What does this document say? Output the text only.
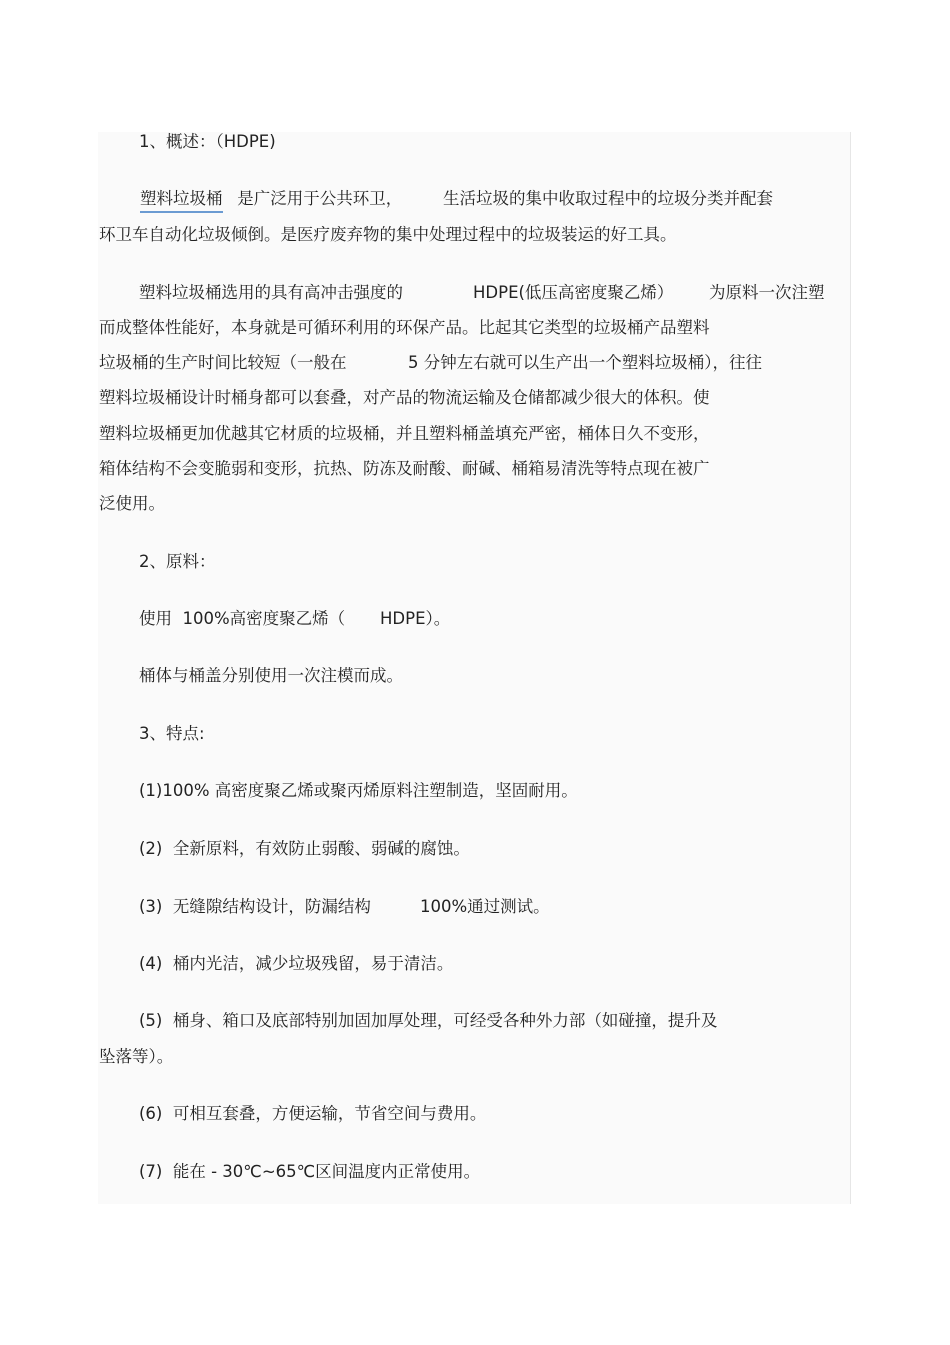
1、概述：（HDPE)
塑料垃圾桶 是广泛用于公共环卫， 生活垃圾的集中收取过程中的垃圾分类并配套
环卫车自动化垃圾倾倒。是医疗废弃物的集中处理过程中的垃圾装运的好工具。
塑料垃圾桶选用的具有高冲击强度的	HDPE(低压高密度聚乙烯） 为原料一次注塑
而成整体性能好，本身就是可循环利用的环保产品。比起其它类型的垃圾桶产品塑料
垃圾桶的生产时间比较短（一般在	5 分钟左右就可以生产出一个塑料垃圾桶），往往
塑料垃圾桶设计时桶身都可以套叠，对产品的物流运输及仓储都减少很大的体积。使
塑料垃圾桶更加优越其它材质的垃圾桶，并且塑料桶盖填充严密，桶体日久不变形，
箱体结构不会变脆弱和变形，抗热、防冻及耐酸、耐碱、桶箱易清洗等特点现在被广
泛使用。
2、原料：
使用  100%高密度聚乙烯（ HDPE）。
桶体与桶盖分别使用一次注模而成。
3、特点:
(1)100% 高密度聚乙烯或聚丙烯原料注塑制造，坚固耐用。
(2)  全新原料，有效防止弱酸、弱碱的腐蚀。
(3)  无缝隙结构设计，防漏结构	100%通过测试。
(4)  桶内光洁，减少垃圾残留，易于清洁。
(5)  桶身、箱口及底部特别加固加厚处理，可经受各种外力部（如碰撞，提升及
坠落等）。
(6)  可相互套叠，方便运输，节省空间与费用。
(7)  能在 - 30℃~65℃区间温度内正常使用。
